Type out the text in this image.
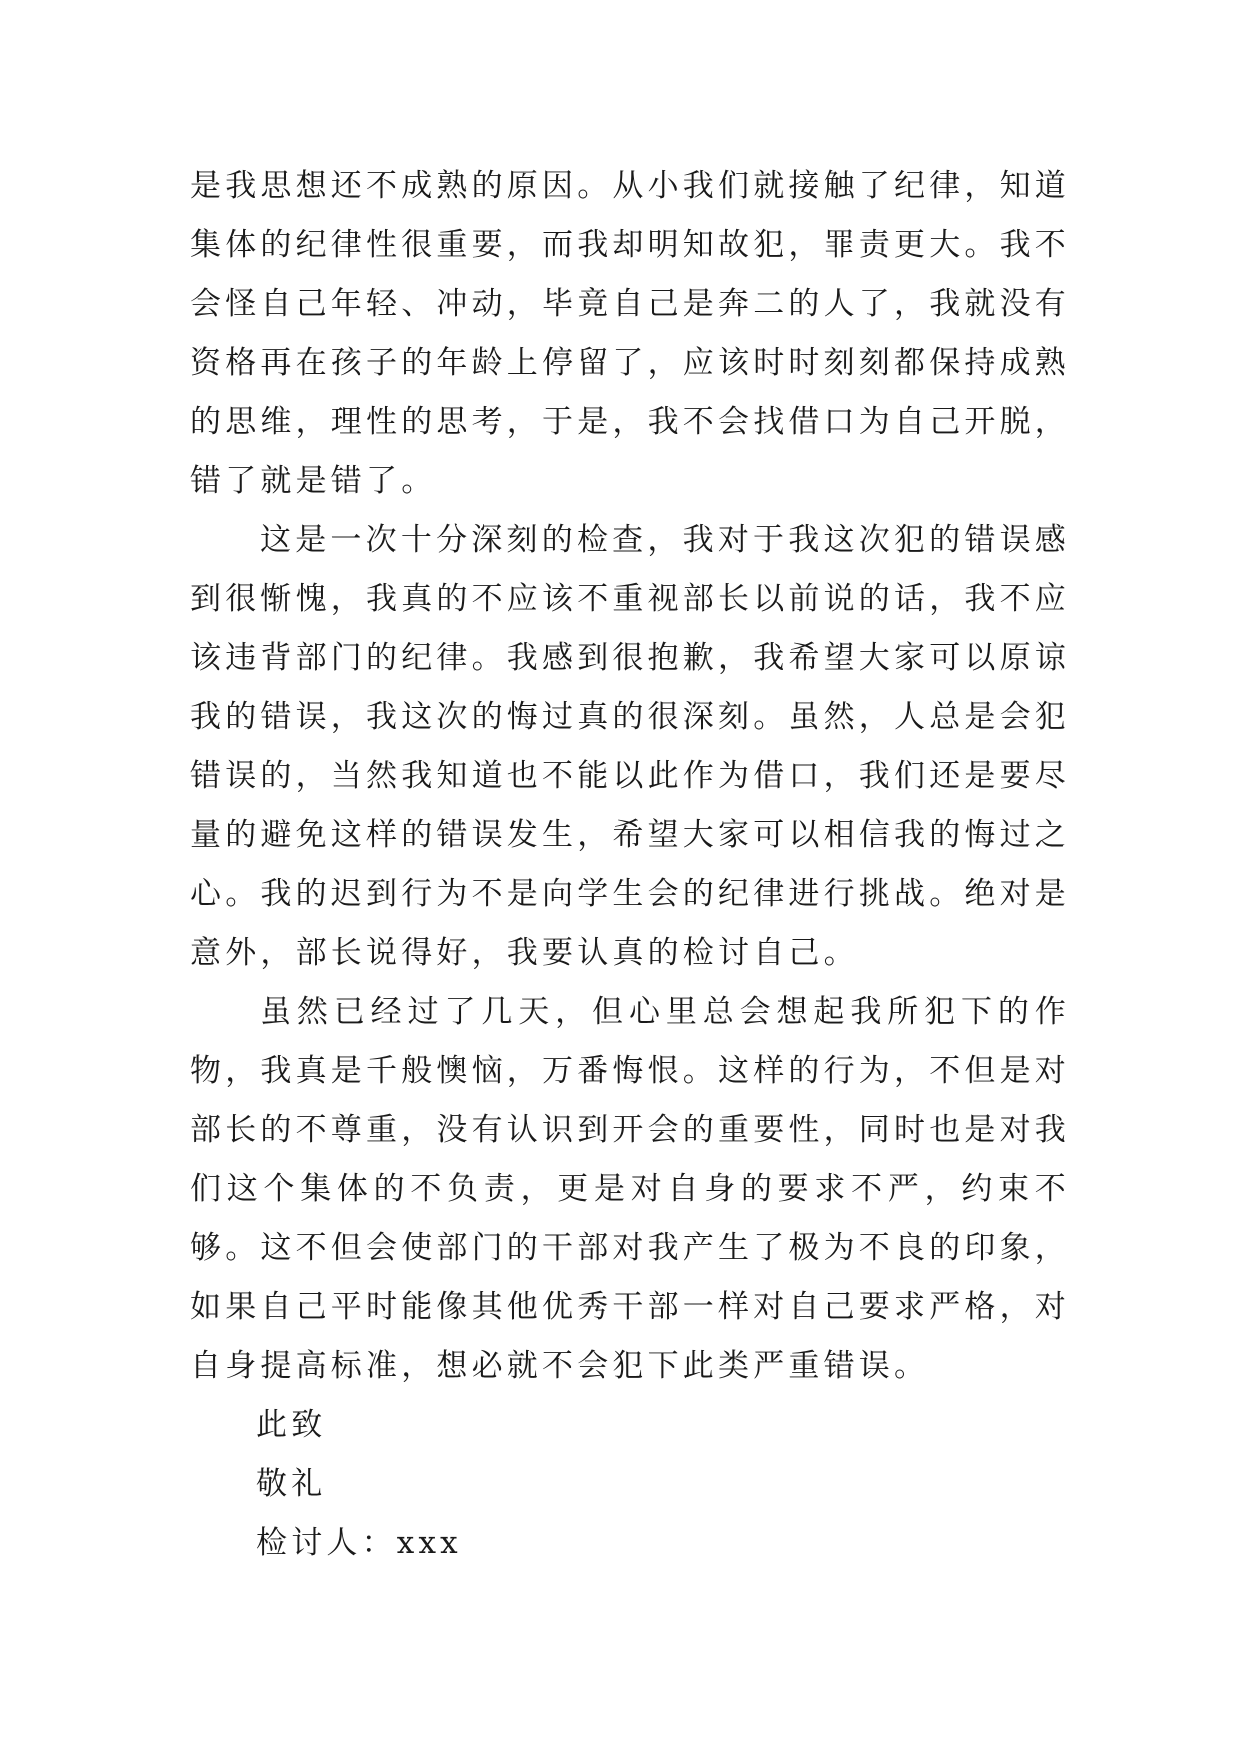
是我思想还不成熟的原因。从小我们就接触了纪律，知道集体的纪律性很重要，而我却明知故犯，罪责更大。我不会怪自己年轻、冲动，毕竟自己是奔二的人了，我就没有资格再在孩子的年龄上停留了，应该时时刻刻都保持成熟的思维，理性的思考，于是，我不会找借口为自己开脱，错了就是错了。

这是一次十分深刻的检查，我对于我这次犯的错误感到很惭愧，我真的不应该不重视部长以前说的话，我不应该违背部门的纪律。我感到很抱歉，我希望大家可以原谅我的错误，我这次的悔过真的很深刻。虽然，人总是会犯错误的，当然我知道也不能以此作为借口，我们还是要尽量的避免这样的错误发生，希望大家可以相信我的悔过之心。我的迟到行为不是向学生会的纪律进行挑战。绝对是意外，部长说得好，我要认真的检讨自己。

虽然已经过了几天，但心里总会想起我所犯下的作物，我真是千般懊恼，万番悔恨。这样的行为，不但是对部长的不尊重，没有认识到开会的重要性，同时也是对我们这个集体的不负责，更是对自身的要求不严，约束不够。这不但会使部门的干部对我产生了极为不良的印象，如果自己平时能像其他优秀干部一样对自己要求严格，对自身提高标准，想必就不会犯下此类严重错误。

此致

敬礼

检讨人：xxx
